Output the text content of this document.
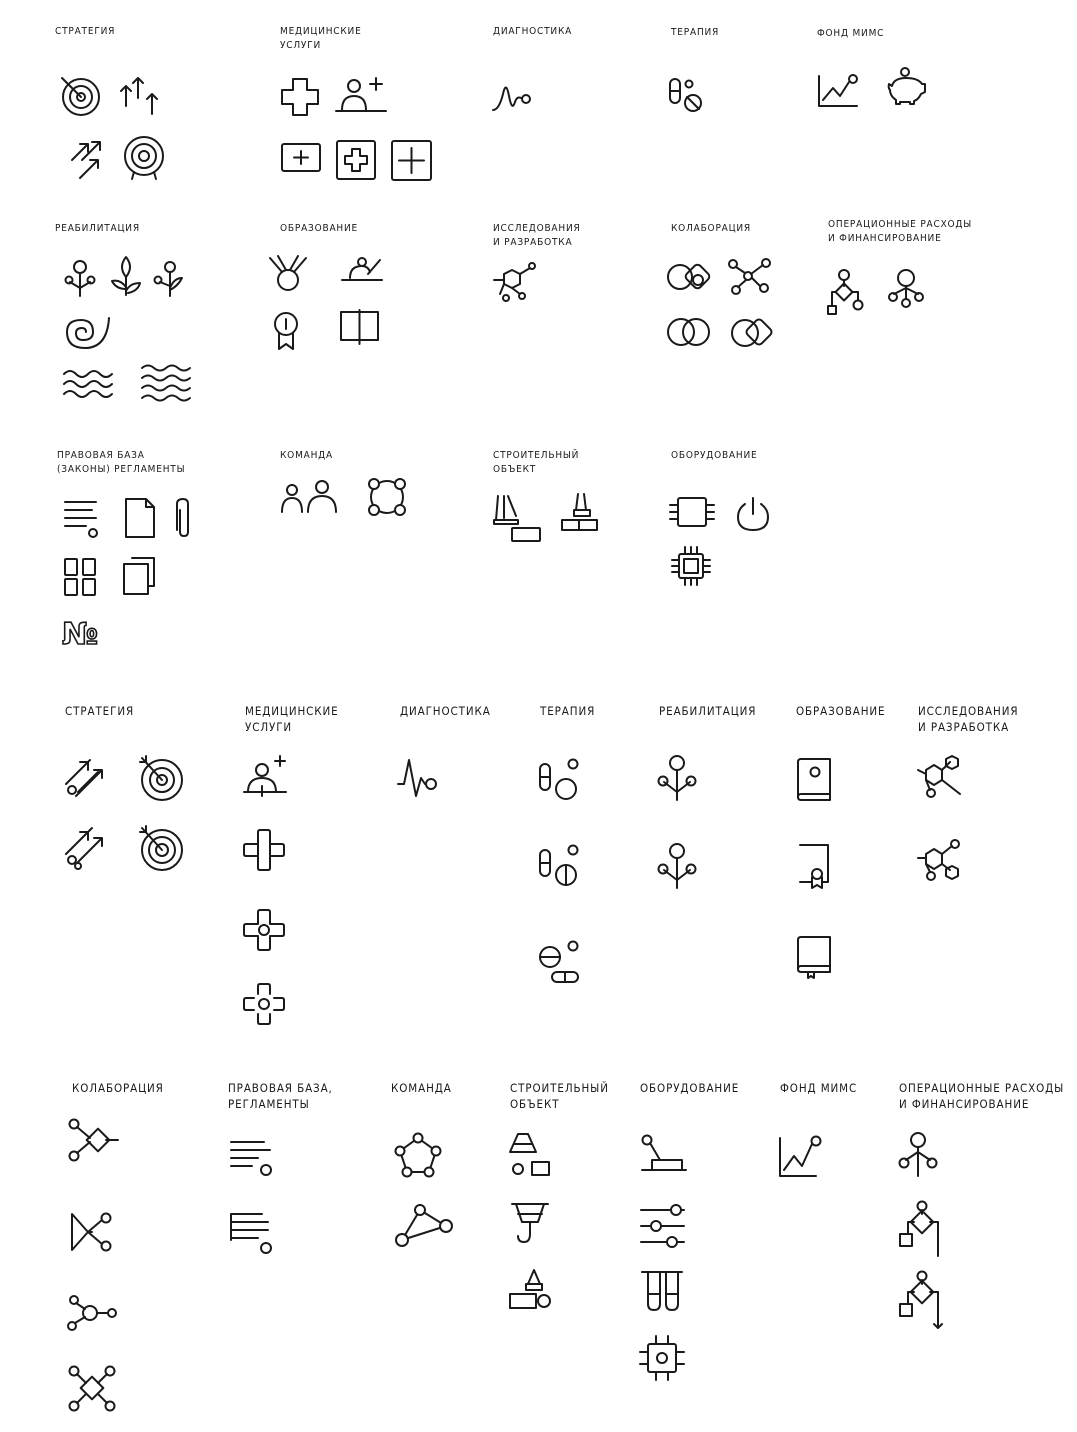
СТРАТЕГИЯ	МЕДИЦИНСКИЕ
УСЛУГИ
ДИАГНОСТИКА	ТЕРАПИЯ	ФОНД МИМС
РЕАБИЛИТАЦИЯ	ОБРАЗОВАНИЕ	ИССЛЕДОВАНИЯ
И РАЗРАБОТКА
КОЛАБОРАЦИЯ	ОПЕРАЦИОННЫЕ РАСХОДЫ
И ФИНАНСИРОВАНИЕ
ПРАВОВАЯ БАЗА
(ЗАКОНЫ) РЕГЛАМЕНТЫ
КОМАНДА	СТРОИТЕЛЬНЫЙ
ОБЪЕКТ
ОБОРУДОВАНИЕ
СТРАТЕГИЯ	МЕДИЦИНСКИЕ
УСЛУГИ
ДИАГНОСТИКА	ТЕРАПИЯ	РЕАБИЛИТАЦИЯ	ОБРАЗОВАНИЕ	ИССЛЕДОВАНИЯ
И РАЗРАБОТКА
КОЛАБОРАЦИЯ	ПРАВОВАЯ БАЗА,
РЕГЛАМЕНТЫ
КОМАНДА	СТРОИТЕЛЬНЫЙ
ОБЪЕКТ
ОБОРУДОВАНИЕ	ФОНД МИМС	ОПЕРАЦИОННЫЕ РАСХОДЫ
И ФИНАНСИРОВАНИЕ
№
